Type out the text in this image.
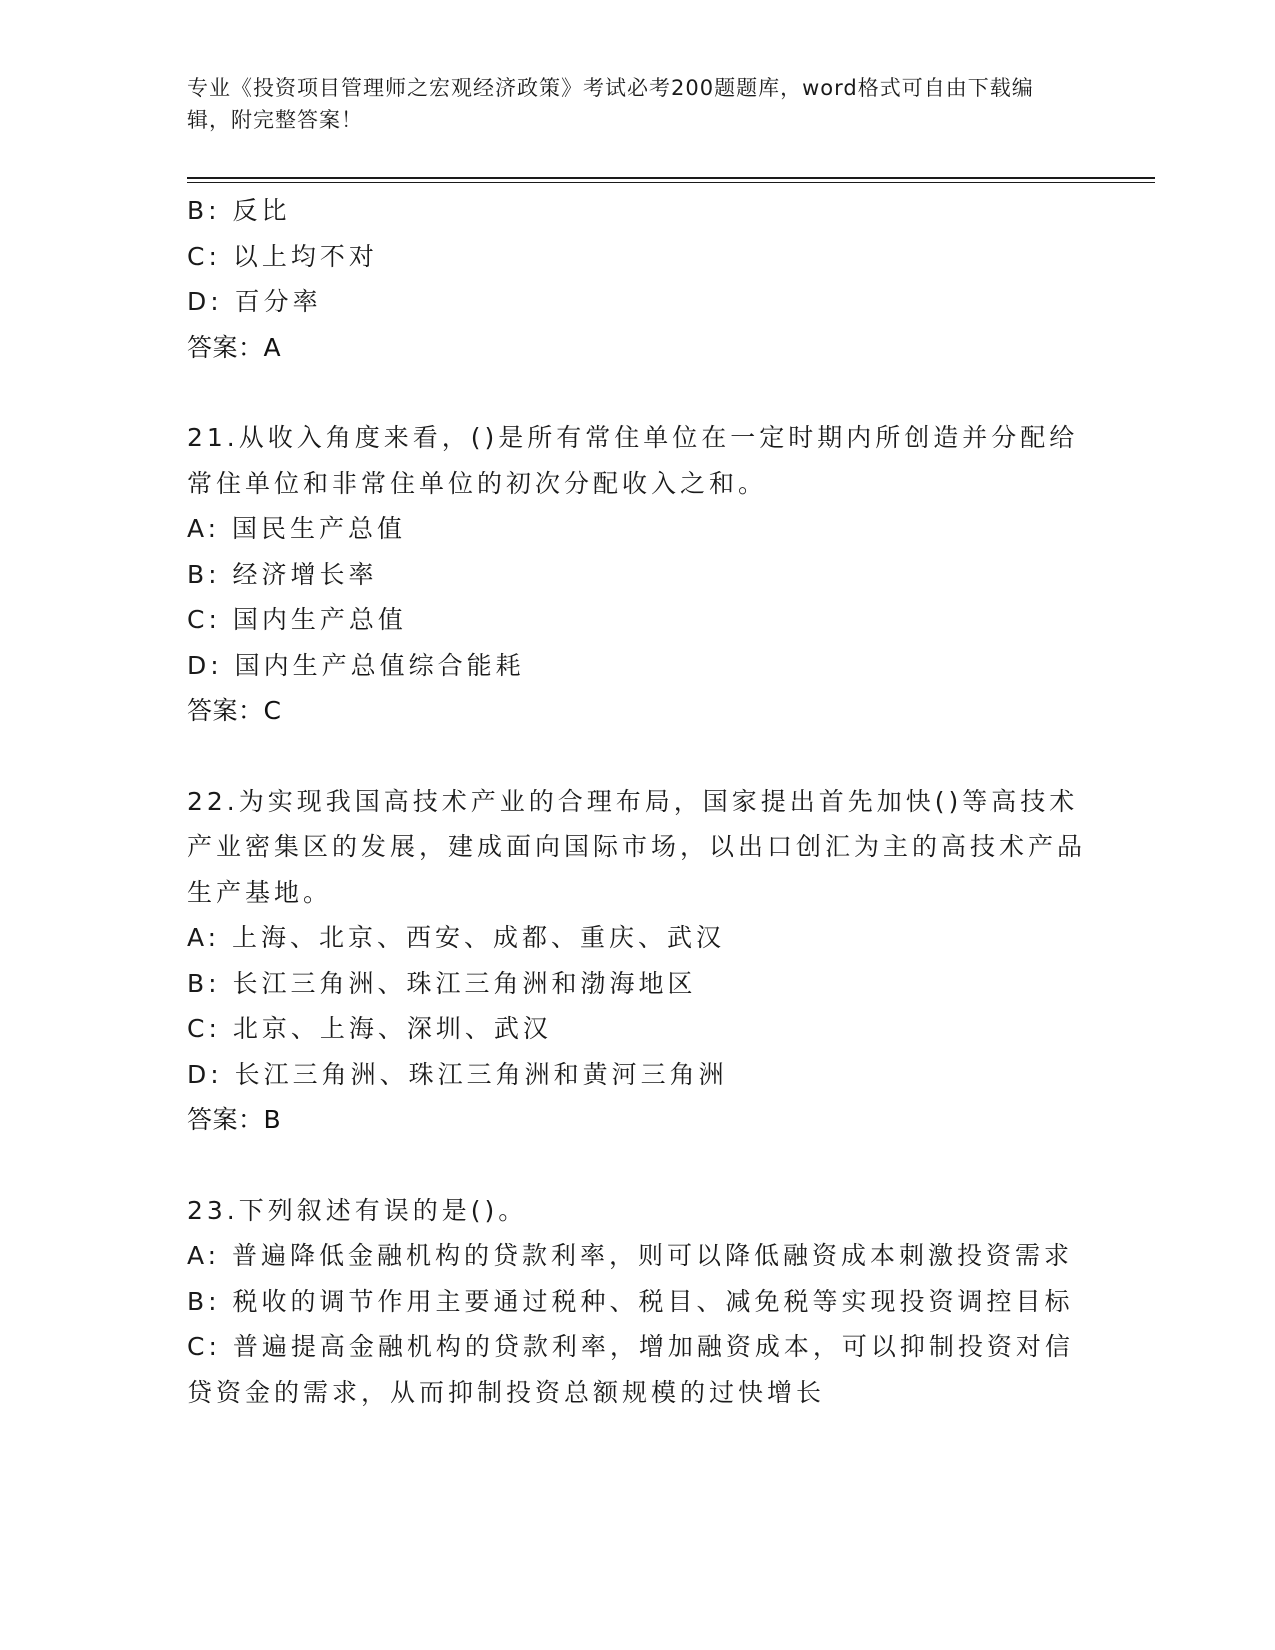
专业《投资项目管理师之宏观经济政策》考试必考200题题库，word格式可自由下载编辑，附完整答案！
B: 反比
C: 以上均不对
D: 百分率
答案：A
21.从收入角度来看，()是所有常住单位在一定时期内所创造并分配给常住单位和非常住单位的初次分配收入之和。
A: 国民生产总值
B: 经济增长率
C: 国内生产总值
D: 国内生产总值综合能耗
答案：C
22.为实现我国高技术产业的合理布局，国家提出首先加快()等高技术产业密集区的发展，建成面向国际市场，以出口创汇为主的高技术产品生产基地。
A: 上海、北京、西安、成都、重庆、武汉
B: 长江三角洲、珠江三角洲和渤海地区
C: 北京、上海、深圳、武汉
D: 长江三角洲、珠江三角洲和黄河三角洲
答案：B
23.下列叙述有误的是()。
A: 普遍降低金融机构的贷款利率，则可以降低融资成本刺激投资需求
B: 税收的调节作用主要通过税种、税目、减免税等实现投资调控目标
C: 普遍提高金融机构的贷款利率，增加融资成本，可以抑制投资对信贷资金的需求，从而抑制投资总额规模的过快增长
